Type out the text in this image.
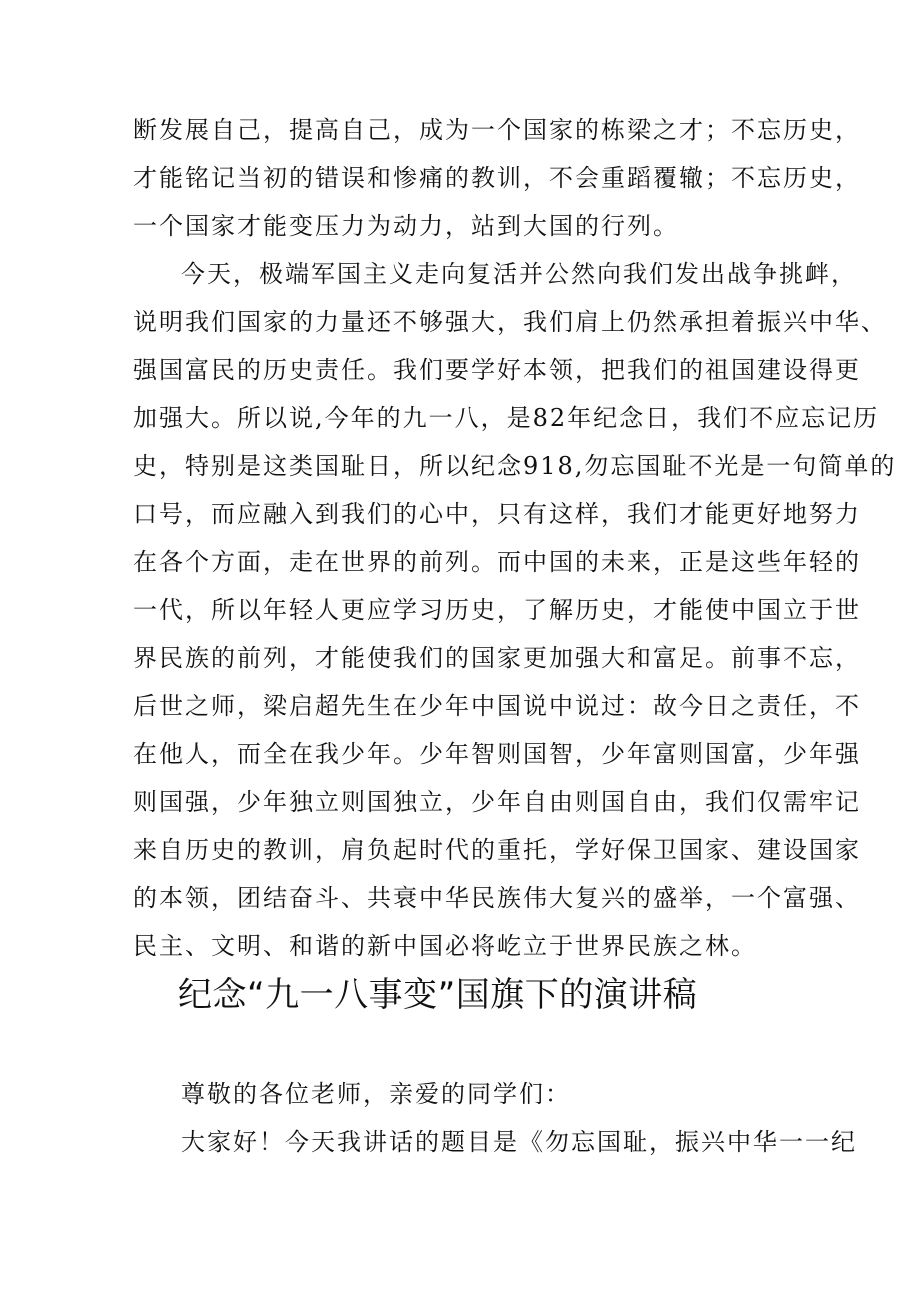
断发展自己，提高自己，成为一个国家的栋梁之才；不忘历史，
才能铭记当初的错误和惨痛的教训，不会重蹈覆辙；不忘历史，
一个国家才能变压力为动力，站到大国的行列。
今天，极端军国主义走向复活并公然向我们发出战争挑衅，
说明我们国家的力量还不够强大，我们肩上仍然承担着振兴中华、
强国富民的历史责任。我们要学好本领，把我们的祖国建设得更
加强大。所以说,今年的九一八，是82年纪念日，我们不应忘记历
史，特别是这类国耻日，所以纪念918,勿忘国耻不光是一句简单的
口号，而应融入到我们的心中，只有这样，我们才能更好地努力
在各个方面，走在世界的前列。而中国的未来，正是这些年轻的
一代，所以年轻人更应学习历史，了解历史，才能使中国立于世
界民族的前列，才能使我们的国家更加强大和富足。前事不忘，
后世之师，梁启超先生在少年中国说中说过：故今日之责任，不
在他人，而全在我少年。少年智则国智，少年富则国富，少年强
则国强，少年独立则国独立，少年自由则国自由，我们仅需牢记
来自历史的教训，肩负起时代的重托，学好保卫国家、建设国家
的本领，团结奋斗、共衰中华民族伟大复兴的盛举，一个富强、
民主、文明、和谐的新中国必将屹立于世界民族之林。
纪念“九一八事变”国旗下的演讲稿
尊敬的各位老师，亲爱的同学们：
大家好！今天我讲话的题目是《勿忘国耻，振兴中华一一纪
